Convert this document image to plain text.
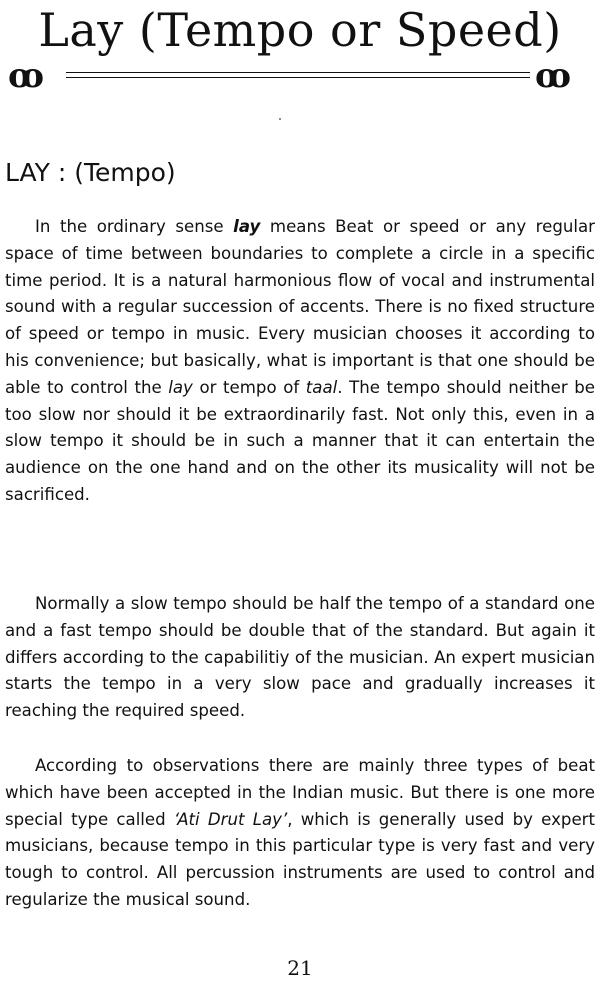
Lay (Tempo or Speed)
ꝏ	ꝏ
LAY : (Tempo)

In the ordinary sense lay means Beat or speed or any regular space of time between boundaries to complete a circle in a specific time period. It is a natural harmonious flow of vocal and instrumental sound with a regular succession of accents. There is no fixed structure of speed or tempo in music. Every musician chooses it according to his convenience; but basically, what is important is that one should be able to control the lay or tempo of taal. The tempo should neither be too slow nor should it be extraordinarily fast. Not only this, even in a slow tempo it should be in such a manner that it can entertain the audience on the one hand and on the other its musicality will not be sacrificed.

Normally a slow tempo should be half the tempo of a standard one and a fast tempo should be double that of the standard. But again it differs according to the capabilitiy of the musician. An expert musician starts the tempo in a very slow pace and gradually increases it reaching the required speed.

According to observations there are mainly three types of beat which have been accepted in the Indian music. But there is one more special type called ‘Ati Drut Lay’, which is generally used by expert musicians, because tempo in this particular type is very fast and very tough to control. All percussion instruments are used to control and regularize the musical sound.

21
